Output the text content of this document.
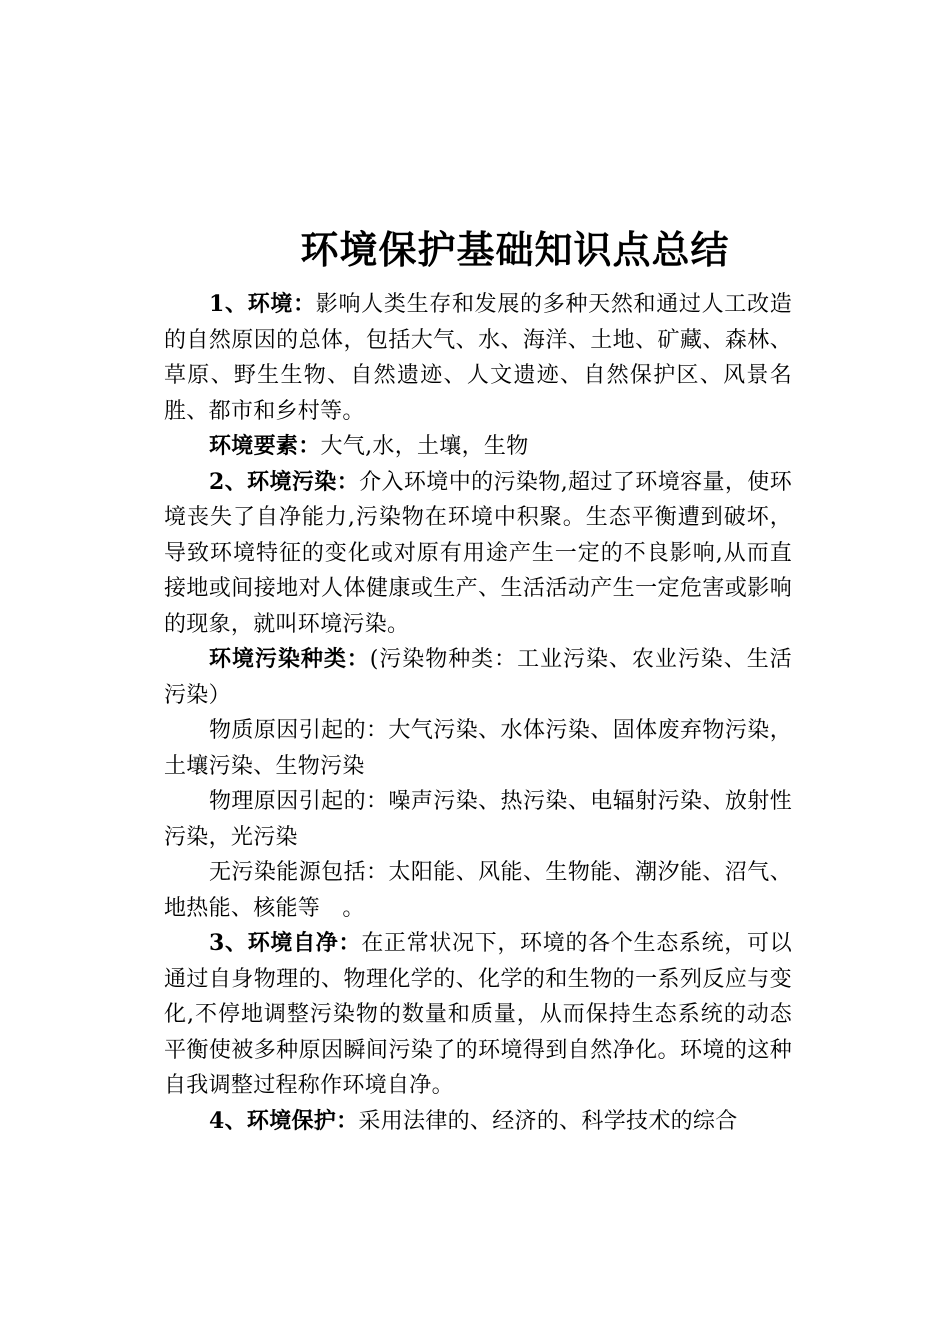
环境保护基础知识点总结

1、环境：影响人类生存和发展的多种天然和通过人工改造的自然原因的总体，包括大气、水、海洋、土地、矿藏、森林、草原、野生生物、自然遗迹、人文遗迹、自然保护区、风景名胜、都市和乡村等。

环境要素：大气,水，土壤，生物

2、环境污染：介入环境中的污染物,超过了环境容量，使环境丧失了自净能力,污染物在环境中积聚。生态平衡遭到破坏，导致环境特征的变化或对原有用途产生一定的不良影响,从而直接地或间接地对人体健康或生产、生活活动产生一定危害或影响的现象，就叫环境污染。

环境污染种类：(污染物种类：工业污染、农业污染、生活污染）

物质原因引起的：大气污染、水体污染、固体废弃物污染，土壤污染、生物污染

物理原因引起的：噪声污染、热污染、电辐射污染、放射性污染，光污染

无污染能源包括：太阳能、风能、生物能、潮汐能、沼气、地热能、核能等　。

3、环境自净：在正常状况下，环境的各个生态系统，可以通过自身物理的、物理化学的、化学的和生物的一系列反应与变化,不停地调整污染物的数量和质量，从而保持生态系统的动态平衡使被多种原因瞬间污染了的环境得到自然净化。环境的这种自我调整过程称作环境自净。

4、环境保护：采用法律的、经济的、科学技术的综合
